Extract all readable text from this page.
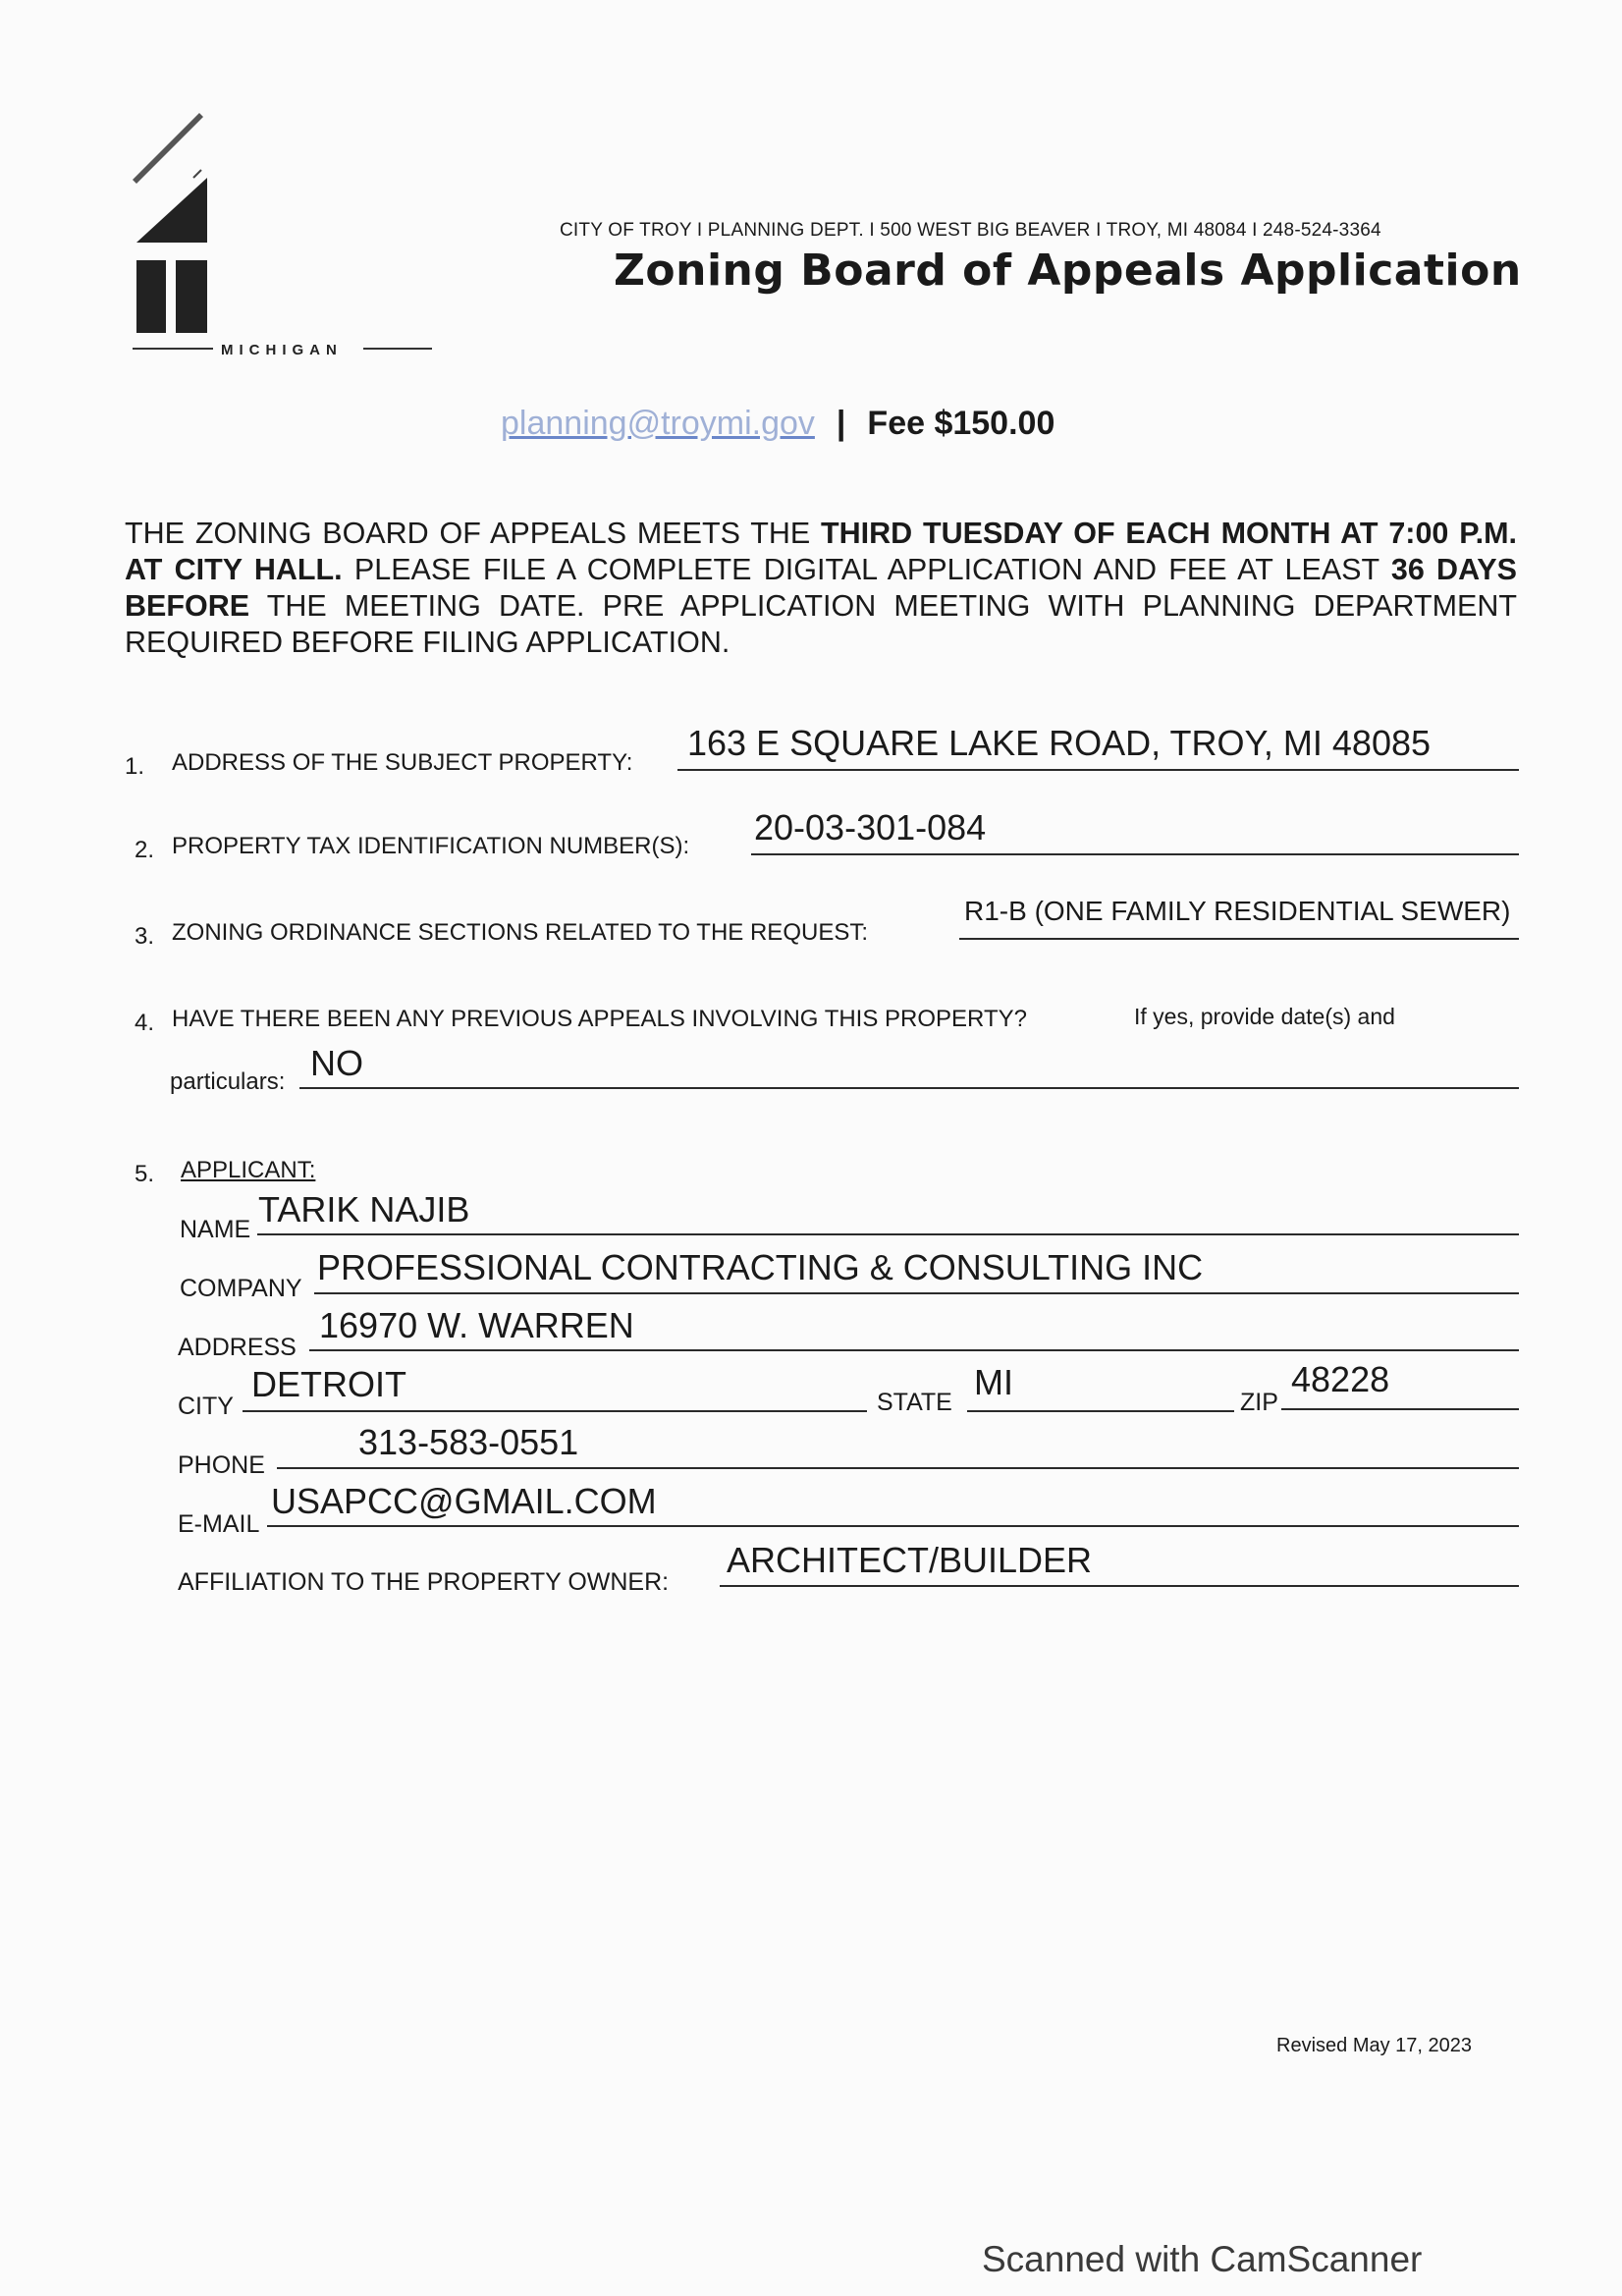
MICHIGAN
CITY OF TROY I PLANNING DEPT. I 500 WEST BIG BEAVER I TROY, MI 48084 I 248-524-3364
Zoning Board of Appeals Application
planning@troymi.gov | Fee $150.00
THE ZONING BOARD OF APPEALS MEETS THE THIRD TUESDAY OF EACH MONTH AT 7:00 P.M. AT CITY HALL. PLEASE FILE A COMPLETE DIGITAL APPLICATION AND FEE AT LEAST 36 DAYS BEFORE THE MEETING DATE. PRE APPLICATION MEETING WITH PLANNING DEPARTMENT REQUIRED BEFORE FILING APPLICATION.
1. ADDRESS OF THE SUBJECT PROPERTY: 163 E SQUARE LAKE ROAD, TROY, MI 48085
2. PROPERTY TAX IDENTIFICATION NUMBER(S): 20-03-301-084
3. ZONING ORDINANCE SECTIONS RELATED TO THE REQUEST:
R1-B (ONE FAMILY RESIDENTIAL SEWER)
4. HAVE THERE BEEN ANY PREVIOUS APPEALS INVOLVING THIS PROPERTY?	If yes, provide date(s) and
particulars: NO
5. APPLICANT:
NAME TARIK NAJIB
COMPANY
PROFESSIONAL CONTRACTING & CONSULTING INC
ADDRESS
16970 W. WARREN
CITY
DETROIT	STATE MI	ZIP
48228
PHONE
313-583-0551
E-MAIL
USAPCC@GMAIL.COM
AFFILIATION TO THE PROPERTY OWNER:
ARCHITECT/BUILDER
Revised May 17, 2023
Scanned with CamScanner
